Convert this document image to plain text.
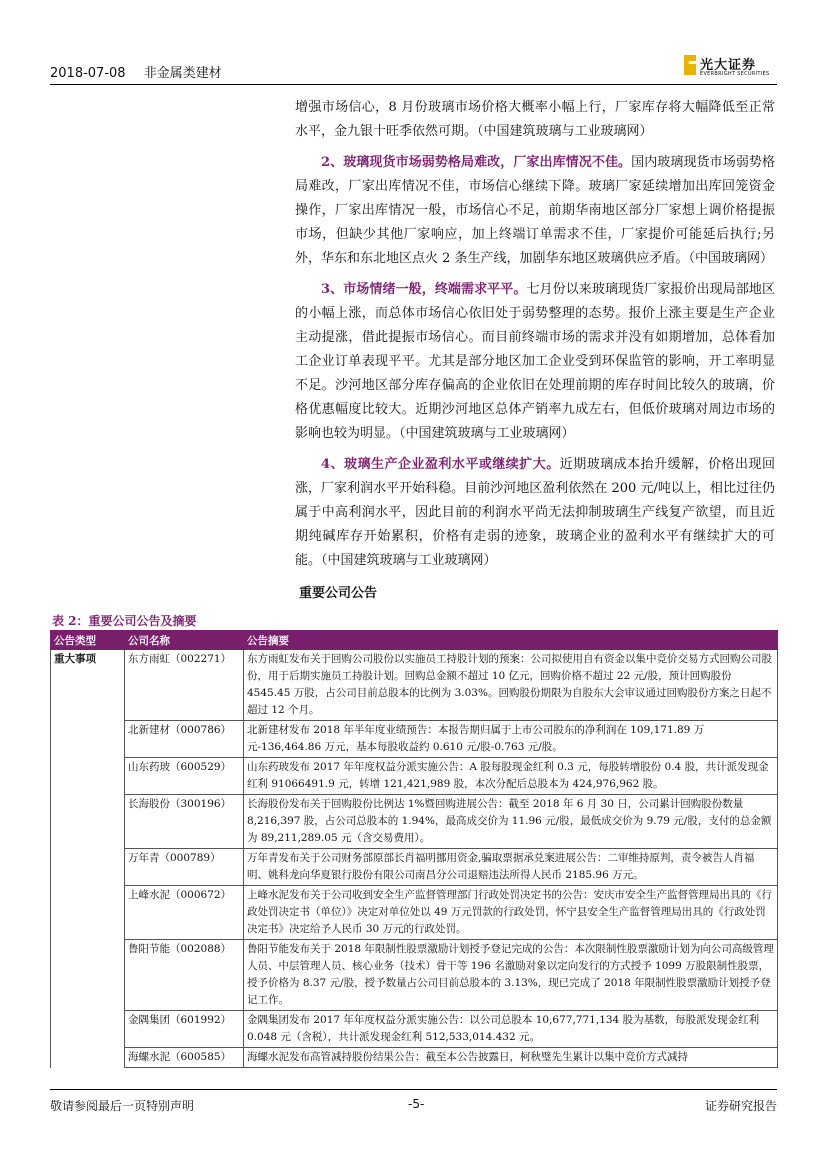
2018-07-08 非金属类建材
光大证券
EVERBRIGHT SECURITIES

增强市场信心，8 月份玻璃市场价格大概率小幅上行，厂家库存将大幅降低至正常水平，金九银十旺季依然可期。（中国建筑玻璃与工业玻璃网）

2、玻璃现货市场弱势格局难改，厂家出库情况不佳。国内玻璃现货市场弱势格局难改，厂家出库情况不佳，市场信心继续下降。玻璃厂家延续增加出库回笼资金操作，厂家出库情况一般，市场信心不足，前期华南地区部分厂家想上调价格提振市场，但缺少其他厂家响应，加上终端订单需求不佳，厂家提价可能延后执行;另外，华东和东北地区点火 2 条生产线，加剧华东地区玻璃供应矛盾。（中国玻璃网）

3、市场情绪一般，终端需求平平。七月份以来玻璃现货厂家报价出现局部地区的小幅上涨，而总体市场信心依旧处于弱势整理的态势。报价上涨主要是生产企业主动提涨，借此提振市场信心。而目前终端市场的需求并没有如期增加，总体看加工企业订单表现平平。尤其是部分地区加工企业受到环保监管的影响，开工率明显不足。沙河地区部分库存偏高的企业依旧在处理前期的库存时间比较久的玻璃，价格优惠幅度比较大。近期沙河地区总体产销率九成左右，但低价玻璃对周边市场的影响也较为明显。（中国建筑玻璃与工业玻璃网）

4、玻璃生产企业盈利水平或继续扩大。近期玻璃成本抬升缓解，价格出现回涨，厂家利润水平开始科稳。目前沙河地区盈利依然在 200 元/吨以上，相比过往仍属于中高利润水平，因此目前的利润水平尚无法抑制玻璃生产线复产欲望，而且近期纯碱库存开始累积，价格有走弱的迹象，玻璃企业的盈利水平有继续扩大的可能。（中国建筑玻璃与工业玻璃网）

重要公司公告
表 2：重要公司公告及摘要
公告类型	公司名称	公告摘要
重大事项	东方雨虹（002271）	东方雨虹发布关于回购公司股份以实施员工持股计划的预案：公司拟使用自有资金以集中竞价交易方式回购公司股份，用于后期实施员工持股计划。回购总金额不超过 10 亿元，回购价格不超过 22 元/股，预计回购股份 4545.45 万股，占公司目前总股本的比例为 3.03%。回购股份期限为自股东大会审议通过回购股份方案之日起不超过 12 个月。
	北新建材（000786）	北新建材发布 2018 年半年度业绩预告：本报告期归属于上市公司股东的净利润在 109,171.89 万元-136,464.86 万元，基本每股收益约 0.610 元/股-0.763 元/股。
	山东药玻（600529）	山东药玻发布 2017 年年度权益分派实施公告：A 股每股现金红利 0.3 元，每股转增股份 0.4 股，共计派发现金红利 91066491.9 元，转增 121,421,989 股，本次分配后总股本为 424,976,962 股。
	长海股份（300196）	长海股份发布关于回购股份比例达 1%暨回购进展公告：截至 2018 年 6 月 30 日，公司累计回购股份数量 8,216,397 股，占公司总股本的 1.94%，最高成交价为 11.96 元/股，最低成交价为 9.79 元/股，支付的总金额为 89,211,289.05 元（含交易费用）。
	万年青（000789）	万年青发布关于公司财务部原部长肖福明挪用资金,骗取票据承兑案进展公告：二审维持原判，责令被告人肖福明、姚科龙向华夏银行股份有限公司南昌分公司退赔违法所得人民币 2185.96 万元。
	上峰水泥（000672）	上峰水泥发布关于公司收到安全生产监督管理部门行政处罚决定书的公告：安庆市安全生产监督管理局出具的《行政处罚决定书（单位）》决定对单位处以 49 万元罚款的行政处罚，怀宁县安全生产监督管理局出具的《行政处罚决定书》决定给予人民币 30 万元的行政处罚。
	鲁阳节能（002088）	鲁阳节能发布关于 2018 年限制性股票激励计划授予登记完成的公告：本次限制性股票激励计划为向公司高级管理人员、中层管理人员、核心业务（技术）骨干等 196 名激励对象以定向发行的方式授予 1099 万股限制性股票，授予价格为 8.37 元/股，授予数量占公司目前总股本的 3.13%，现已完成了 2018 年限制性股票激励计划授予登记工作。
	金隅集团（601992）	金隅集团发布 2017 年年度权益分派实施公告：以公司总股本 10,677,771,134 股为基数，每股派发现金红利 0.048 元（含税），共计派发现金红利 512,533,014.432 元。
	海螺水泥（600585）	海螺水泥发布高管减持股份结果公告：截至本公告披露日，柯秋璧先生累计以集中竞价方式减持
敬请参阅最后一页特别声明	-5-	证券研究报告
